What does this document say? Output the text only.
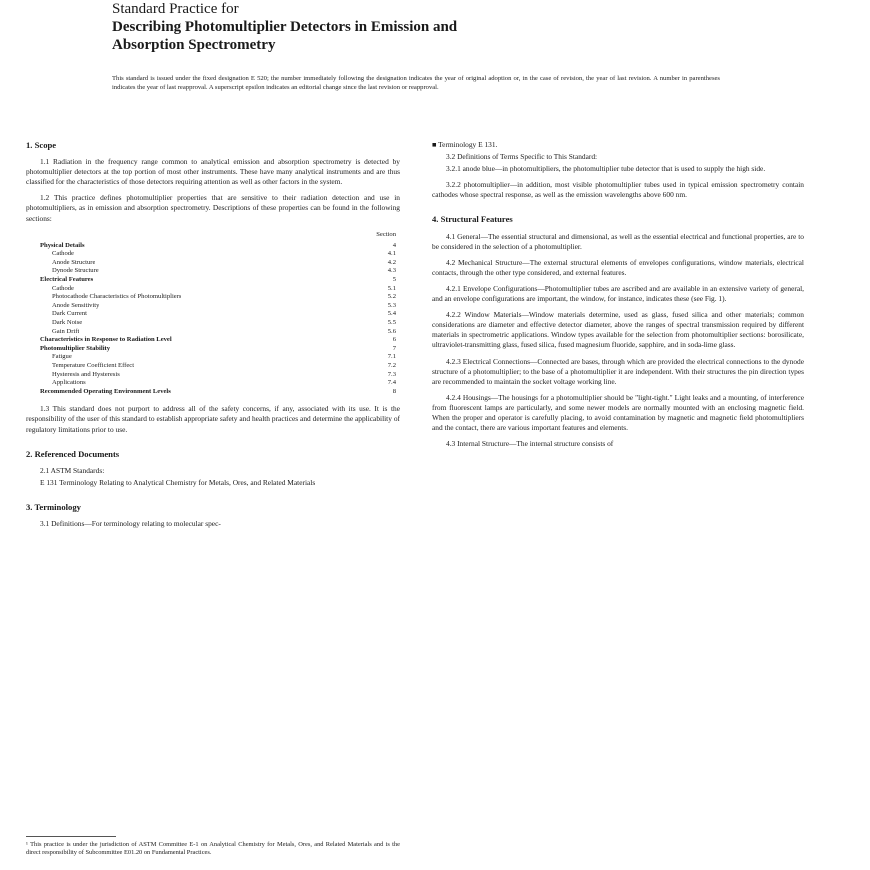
Standard Practice for

Describing Photomultiplier Detectors in Emission and

Absorption Spectrometry

This standard is issued under the fixed designation E 520; the number immediately following the designation indicates the year of original adoption or, in the case of revision, the year of last revision. A number in parentheses indicates the year of last reapproval. A superscript epsilon indicates an editorial change since the last revision or reapproval.

1. Scope

1.1 Radiation in the frequency range common to analytical emission and absorption spectrometry is detected by photomultiplier detectors at the top portion of most other instruments. These have many analytical instruments and are thus classified for the characteristics of those detectors requiring attention as well as other factors in the system.

1.2 This practice defines photomultiplier properties that are sensitive to their radiation detection and use in photomultipliers, as in emission and absorption spectrometry. Descriptions of these properties can be found in the following sections:

Section
Physical Details	4
Cathode	4.1
Anode Structure	4.2
Dynode Structure	4.3
Electrical Features	5
Cathode	5.1
Photocathode Characteristics of Photomultipliers	5.2
Anode Sensitivity	5.3
Dark Current	5.4
Dark Noise	5.5
Gain Drift	5.6
Characteristics in Response to Radiation Level	6
Photomultiplier Stability	7
Fatigue	7.1
Temperature Coefficient Effect	7.2
Hysteresis and Hysteresis	7.3
Applications	7.4
Recommended Operating Environment Levels	8

1.3 This standard does not purport to address all of the safety concerns, if any, associated with its use. It is the responsibility of the user of this standard to establish appropriate safety and health practices and determine the applicability of regulatory limitations prior to use.

2. Referenced Documents

2.1 ASTM Standards:

E 131 Terminology Relating to Analytical Chemistry for Metals, Ores, and Related Materials

3. Terminology

3.1 Definitions—For terminology relating to molecular spec-

■ Terminology E 131.

3.2 Definitions of Terms Specific to This Standard:

3.2.1 anode blue—in photomultipliers, the photomultiplier tube detector that is used to supply the high side.

3.2.2 photomultiplier—in addition, most visible photomultiplier tubes used in typical emission spectrometry contain cathodes whose spectral response, as well as the emission wavelengths above 600 nm.

4. Structural Features

4.1 General—The essential structural and dimensional, as well as the essential electrical and functional properties, are to be considered in the selection of a photomultiplier.

4.2 Mechanical Structure—The external structural elements of envelopes configurations, window materials, electrical contacts, through the other type considered, and external features.

4.2.1 Envelope Configurations—Photomultiplier tubes are ascribed and are available in an extensive variety of general, and an envelope configurations are important, the window, for instance, indicates these (see Fig. 1).

4.2.2 Window Materials—Window materials determine, used as glass, fused silica and other materials; common considerations are diameter and effective detector diameter, above the ranges of spectral transmission required by different materials in spectrometric applications. Window types available for the selection from photomultiplier sections: borosilicate, ultraviolet-transmitting glass, fused silica, fused magnesium fluoride, sapphire, and in soda-lime glass.

4.2.3 Electrical Connections—Connected are bases, through which are provided the electrical connections to the dynode structure of a photomultiplier; to the base of a photomultiplier it are independent. With their structures the pin direction types are recommended to maintain the socket voltage working line.

4.2.4 Housings—The housings for a photomultiplier should be "light-tight." Light leaks and a mounting, of interference from fluorescent lamps are particularly, and some newer models are normally mounted with an enclosing magnetic field. When the proper and operator is carefully placing, to avoid contamination by magnetic and magnetic field photomultipliers and the contact, there are various important features and elements.

4.3 Internal Structure—The internal structure consists of

¹ This practice is under the jurisdiction of ASTM Committee E-1 on Analytical Chemistry for Metals, Ores, and Related Materials and is the direct responsibility of Subcommittee E01.20 on Fundamental Practices.
